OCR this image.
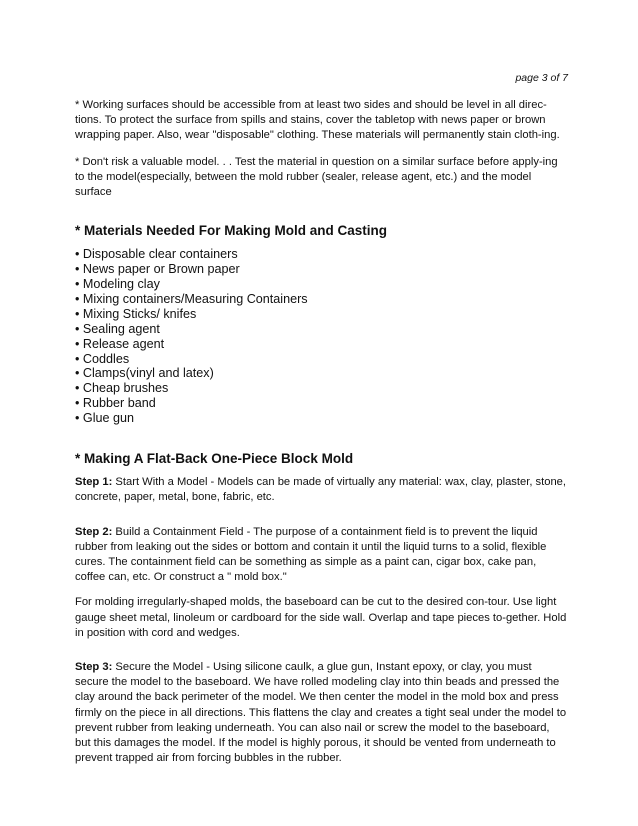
page 3 of 7

* Working surfaces should be accessible from at least two sides and should be level in all direc-tions. To protect the surface from spills and stains, cover the tabletop with news paper or brown wrapping paper. Also, wear "disposable" clothing. These materials will permanently stain cloth-ing.

* Don't risk a valuable model. . . Test the material in question on a similar surface before apply-ing to the model(especially, between the mold rubber (sealer, release agent, etc.) and the model surface

* Materials Needed For Making Mold and Casting
• Disposable clear containers
• News paper or Brown paper
• Modeling clay
• Mixing containers/Measuring Containers
• Mixing Sticks/ knifes
• Sealing agent
• Release agent
• Coddles
• Clamps(vinyl and latex)
• Cheap brushes
• Rubber band
• Glue gun
* Making A Flat-Back One-Piece Block Mold

Step 1: Start With a Model - Models can be made of virtually any material: wax, clay, plaster, stone, concrete, paper, metal, bone, fabric, etc.

Step 2: Build a Containment Field - The purpose of a containment field is to prevent the liquid rubber from leaking out the sides or bottom and contain it until the liquid turns to a solid, flexible cures. The containment field can be something as simple as a paint can, cigar box, cake pan, coffee can, etc. Or construct a " mold box."

For molding irregularly-shaped molds, the baseboard can be cut to the desired con-tour. Use light gauge sheet metal, linoleum or cardboard for the side wall. Overlap and tape pieces to-gether. Hold in position with cord and wedges.

Step 3: Secure the Model - Using silicone caulk, a glue gun, Instant epoxy, or clay, you must secure the model to the baseboard. We have rolled modeling clay into thin beads and pressed the clay around the back perimeter of the model. We then center the model in the mold box and press firmly on the piece in all directions. This flattens the clay and creates a tight seal under the model to prevent rubber from leaking underneath. You can also nail or screw the model to the baseboard, but this damages the model. If the model is highly porous, it should be vented from underneath to prevent trapped air from forcing bubbles in the rubber.
